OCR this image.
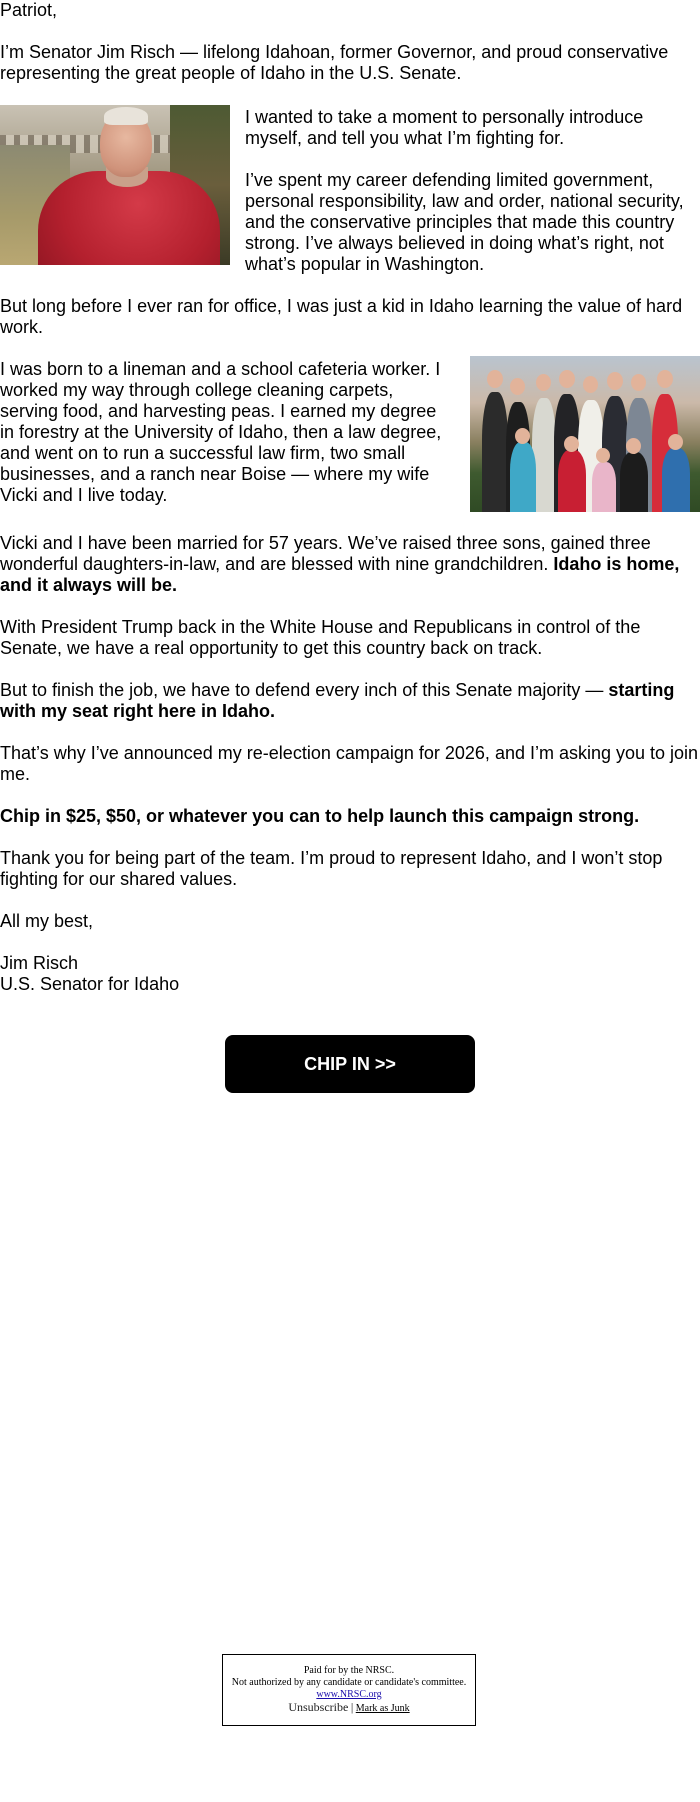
Patriot,

I’m Senator Jim Risch — lifelong Idahoan, former Governor, and proud conservative representing the great people of Idaho in the U.S. Senate.

I wanted to take a moment to personally introduce myself, and tell you what I’m fighting for.

I’ve spent my career defending limited government, personal responsibility, law and order, national security, and the conservative principles that made this country strong. I’ve always believed in doing what’s right, not what’s popular in Washington.

But long before I ever ran for office, I was just a kid in Idaho learning the value of hard work.

I was born to a lineman and a school cafeteria worker. I worked my way through college cleaning carpets, serving food, and harvesting peas. I earned my degree in forestry at the University of Idaho, then a law degree, and went on to run a successful law firm, two small businesses, and a ranch near Boise — where my wife Vicki and I live today.

Vicki and I have been married for 57 years. We’ve raised three sons, gained three wonderful daughters-in-law, and are blessed with nine grandchildren. Idaho is home, and it always will be.

With President Trump back in the White House and Republicans in control of the Senate, we have a real opportunity to get this country back on track.

But to finish the job, we have to defend every inch of this Senate majority — starting with my seat right here in Idaho.

That’s why I’ve announced my re-election campaign for 2026, and I’m asking you to join me.

Chip in $25, $50, or whatever you can to help launch this campaign strong.

Thank you for being part of the team. I’m proud to represent Idaho, and I won’t stop fighting for our shared values.

All my best,

Jim Risch

U.S. Senator for Idaho

CHIP IN >>
Paid for by the NRSC.
Not authorized by any candidate or candidate's committee.
www.NRSC.org
Unsubscribe | Mark as Junk
